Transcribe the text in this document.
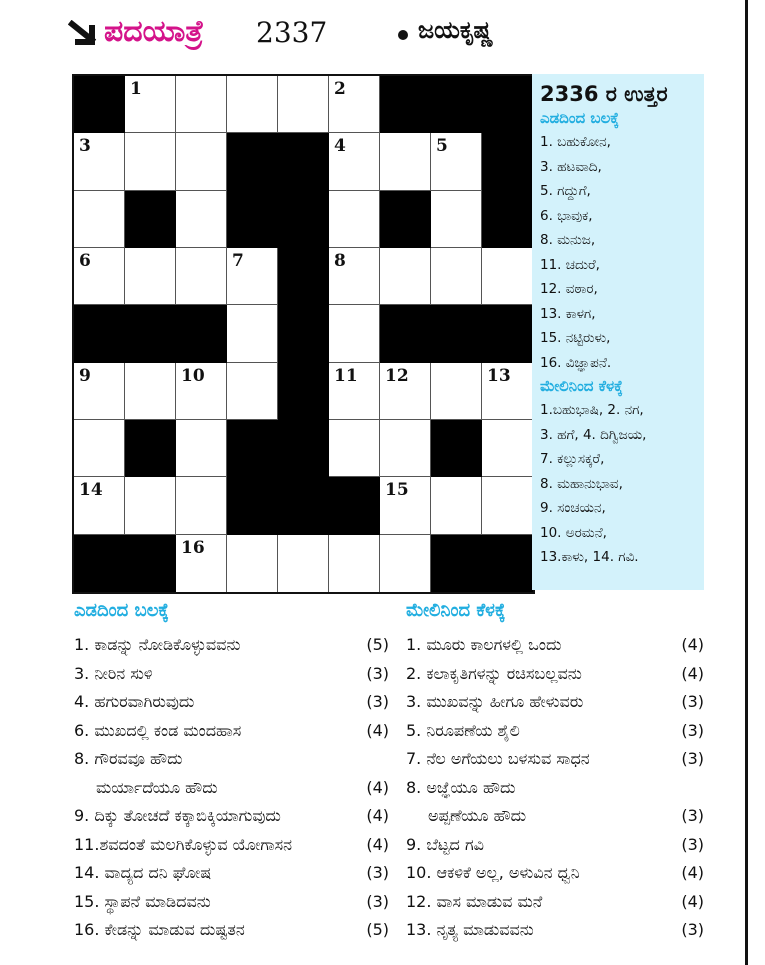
ಪದಯಾತ್ರೆ 2337	ಜಯಕೃಷ್ಣ
1	2
3	4	5
6	7	8
9	10	11 12	13
14	15
16
2336 ರ ಉತ್ತರ
ಎಡದಿಂದ ಬಲಕ್ಕೆ
1. ಬಹುಕೋನ,
3. ಹಟವಾದಿ,
5. ಗದ್ದುಗೆ,
6. ಭಾವುಕ,
8. ಮನುಜ,
11. ಚದುರೆ,
12. ವಠಾರ,
13. ಕಾಳಗ,
15. ನಟ್ಟಿರುಳು,
16. ವಿಜ್ಞಾಪನೆ.
ಮೇಲಿನಿಂದ ಕೆಳಕ್ಕೆ
1.ಬಹುಭಾಷಿ, 2. ನಗ,
3. ಹಗೆ, 4. ದಿಗ್ವಿಜಯ,
7. ಕಲ್ಲುಸಕ್ಕರೆ,
8. ಮಹಾನುಭಾವ,
9. ಸಂಚಯನ,
10. ಅರಮನೆ,
13.ಕಾಳು, 14. ಗವಿ.
ಎಡದಿಂದ ಬಲಕ್ಕೆ
1. ಕಾಡನ್ನು ನೋಡಿಕೊಳ್ಳುವವನು	(5)
3. ನೀರಿನ ಸುಳಿ	(3)
4. ಹಗುರವಾಗಿರುವುದು	(3)
6. ಮುಖದಲ್ಲಿ ಕಂಡ ಮಂದಹಾಸ	(4)
8. ಗೌರವವೂ ಹೌದು
ಮರ್ಯಾದೆಯೂ ಹೌದು	(4)
9. ದಿಕ್ಕು ತೋಚದೆ ಕಕ್ಕಾಬಿಕ್ಕಿಯಾಗುವುದು	(4)
11.ಶವದಂತೆ ಮಲಗಿಕೊಳ್ಳುವ ಯೋಗಾಸನ	(4)
14. ವಾದ್ಯದ ದನಿ ಘೋಷ	(3)
15. ಸ್ಥಾಪನೆ ಮಾಡಿದವನು	(3)
16. ಕೇಡನ್ನು ಮಾಡುವ ದುಷ್ಟತನ	(5)
ಮೇಲಿನಿಂದ ಕೆಳಕ್ಕೆ
1. ಮೂರು ಕಾಲಗಳಲ್ಲಿ ಒಂದು	(4)
2. ಕಲಾಕೃತಿಗಳನ್ನು ರಚಿಸಬಲ್ಲವನು	(4)
3. ಮುಖವನ್ನು ಹೀಗೂ ಹೇಳುವರು	(3)
5. ನಿರೂಪಣೆಯ ಶೈಲಿ	(3)
7. ನೆಲ ಅಗೆಯಲು ಬಳಸುವ ಸಾಧನ	(3)
8. ಅಜ್ಞೆಯೂ ಹೌದು
ಅಪ್ಪಣೆಯೂ ಹೌದು	(3)
9. ಬೆಟ್ಟದ ಗವಿ	(3)
10. ಆಕಳಿಕೆ ಅಲ್ಲ, ಅಳುವಿನ ಧ್ವನಿ	(4)
12. ವಾಸ ಮಾಡುವ ಮನೆ	(4)
13. ನೃತ್ಯ ಮಾಡುವವನು	(3)
